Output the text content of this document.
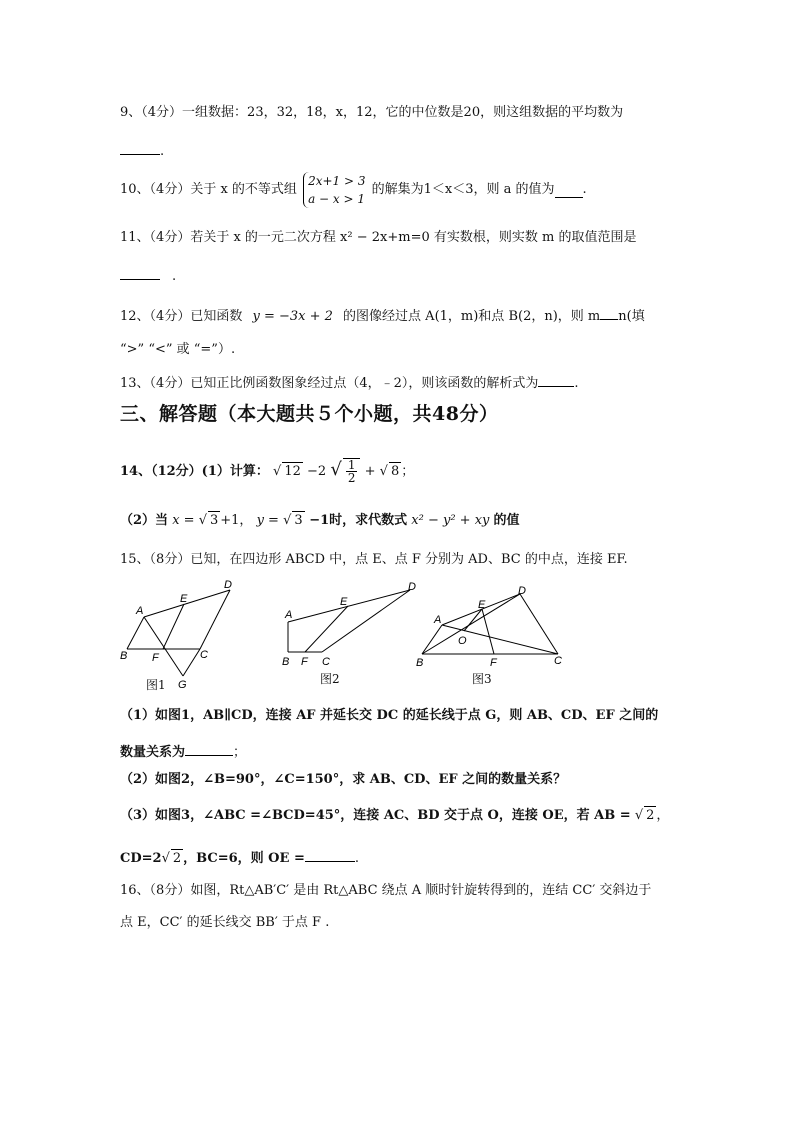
9、（4分）一组数据：23，32，18，x，12，它的中位数是20，则这组数据的平均数为
.
10、（4分）关于 x 的不等式组
2x+1 > 3
a − x > 1
的解集为1＜x＜3，则 a 的值为 .
11、（4分）若关于 x 的一元二次方程 x² − 2x+m=0 有实数根，则实数 m 的取值范围是
.
12、（4分）已知函数 y = −3x + 2 的图像经过点 A(1，m)和点 B(2，n)，则 m n(填
“>” “<” 或 “=”）.
13、（4分）已知正比例函数图象经过点（4，﹣2），则该函数的解析式为	.
三、解答题（本大题共５个小题，共48分）
14、（12分）(1）计算： √ 12 −2 √ $\frac{1}{2}$ + √ 8 ；
（2）当 x = √ 3 +1， y = √ 3 −1时，求代数式 x² − y² + xy 的值
15、（8分）已知，在四边形 ABCD 中，点 E、点 F 分别为 AD、BC 的中点，连接 EF.
A
D
E
B F	C
G
图1
A
D
E
B F C
图2
A
D
E
O
B	F	C
图3
（1）如图1，AB∥CD，连接 AF 并延长交 DC 的延长线于点 G，则 AB、CD、EF 之间的
数量关系为	；
（2）如图2，∠B=90°，∠C=150°，求 AB、CD、EF 之间的数量关系？
（3）如图3，∠ABC =∠BCD=45°，连接 AC、BD 交于点 O，连接 OE，若 AB = √ 2 ，
CD=2√ 2 ，BC=6，则 OE =	.
16、（8分）如图，Rt△AB′C′ 是由 Rt△ABC 绕点 A 顺时针旋转得到的，连结 CC′ 交斜边于
点 E，CC′ 的延长线交 BB′ 于点 F .
